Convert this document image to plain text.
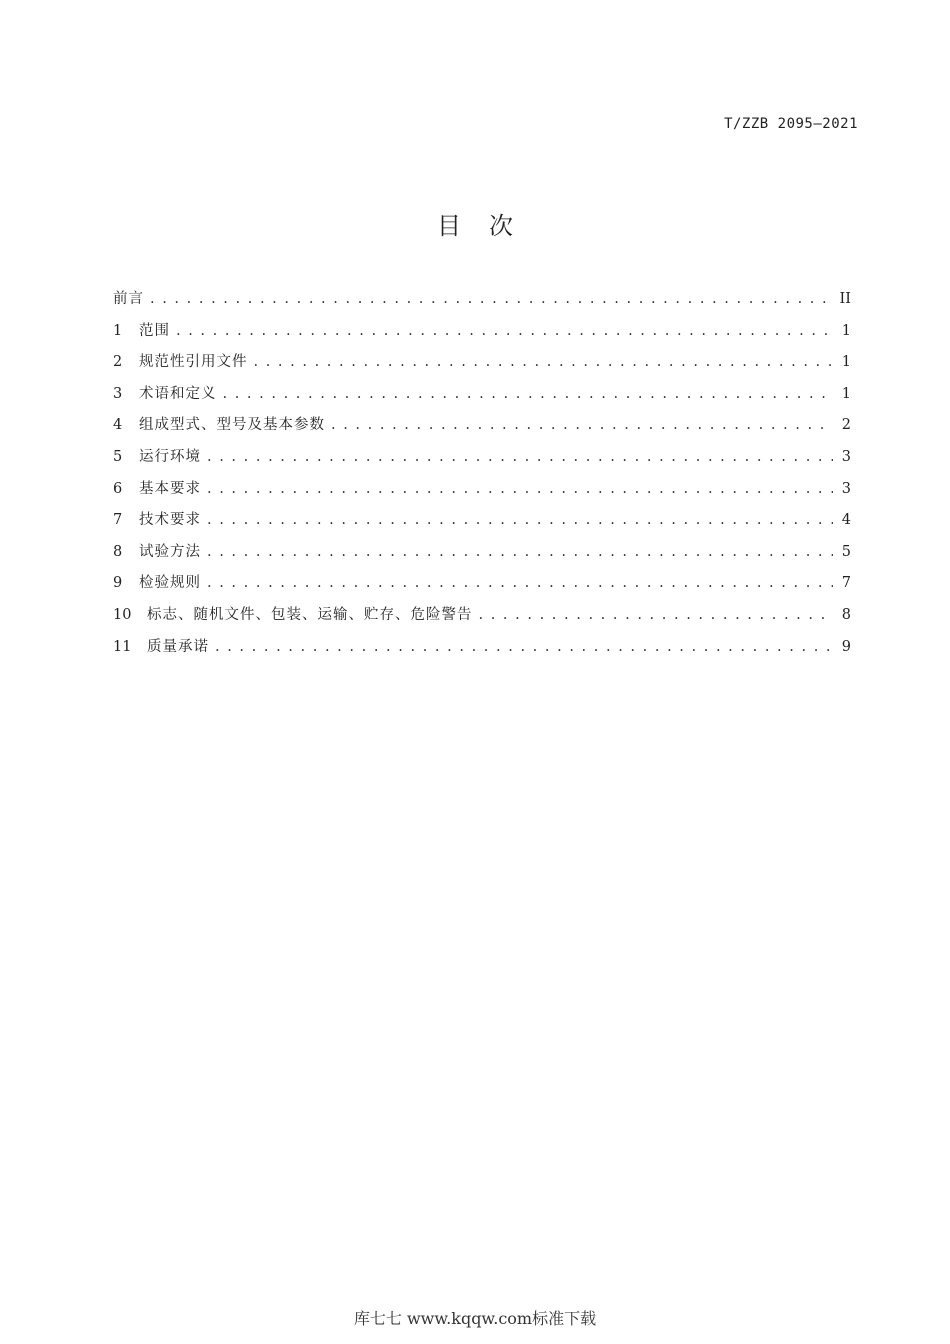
T/ZZB 2095—2021
目次
前言 . . .	II
1	范围 . . .	1
2	规范性引用文件 . . .	1
3	术语和定义 . . .	1
4	组成型式、型号及基本参数 . . .	2
5	运行环境 . . .	3
6	基本要求 . . .	3
7	技术要求 . . .	4
8	试验方法 . . .	5
9	检验规则 . . .	7
10	标志、随机文件、包装、运输、贮存、危险警告 . . .	8
11	质量承诺 . . .	9
库七七 www.kqqw.com标准下载
